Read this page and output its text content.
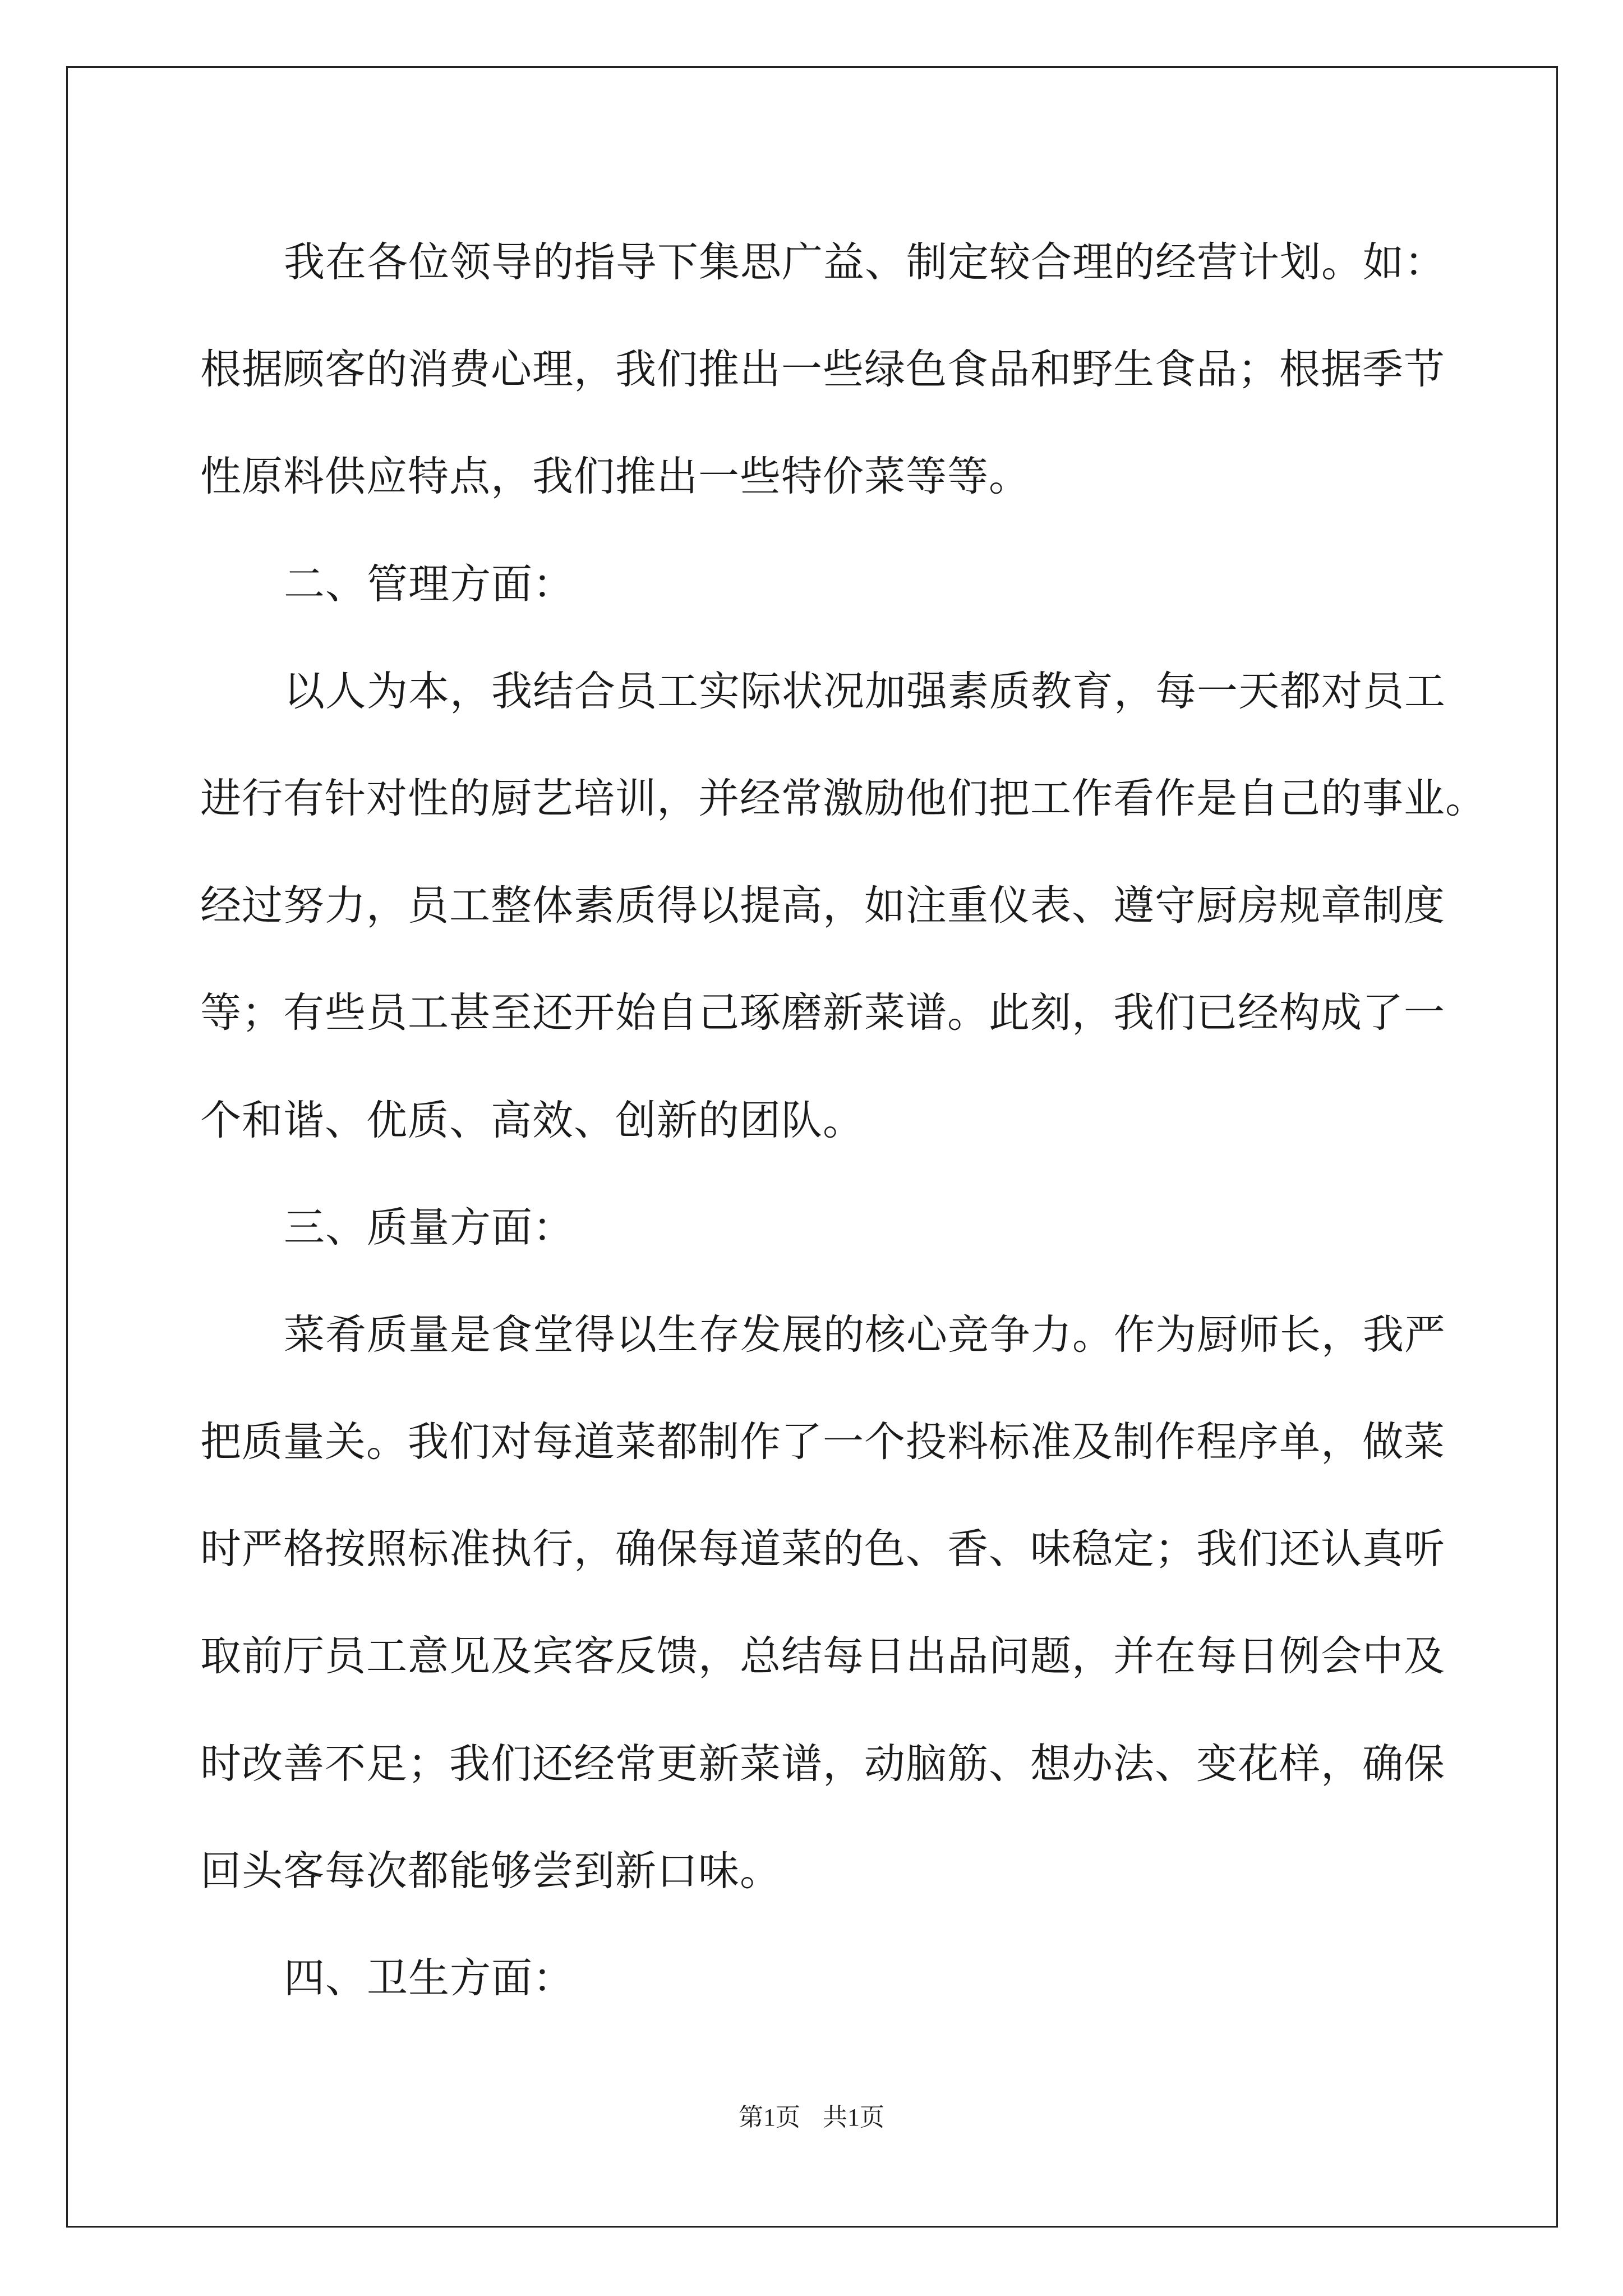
我在各位领导的指导下集思广益、制定较合理的经营计划。如：
根据顾客的消费心理，我们推出一些绿色食品和野生食品；根据季节
性原料供应特点，我们推出一些特价菜等等。
二、管理方面：
以人为本，我结合员工实际状况加强素质教育，每一天都对员工
进行有针对性的厨艺培训，并经常激励他们把工作看作是自己的事业。
经过努力，员工整体素质得以提高，如注重仪表、遵守厨房规章制度
等；有些员工甚至还开始自己琢磨新菜谱。此刻，我们已经构成了一
个和谐、优质、高效、创新的团队。
三、质量方面：
菜肴质量是食堂得以生存发展的核心竞争力。作为厨师长，我严
把质量关。我们对每道菜都制作了一个投料标准及制作程序单，做菜
时严格按照标准执行，确保每道菜的色、香、味稳定；我们还认真听
取前厅员工意见及宾客反馈，总结每日出品问题，并在每日例会中及
时改善不足；我们还经常更新菜谱，动脑筋、想办法、变花样，确保
回头客每次都能够尝到新口味。
四、卫生方面：
第1页 共1页
